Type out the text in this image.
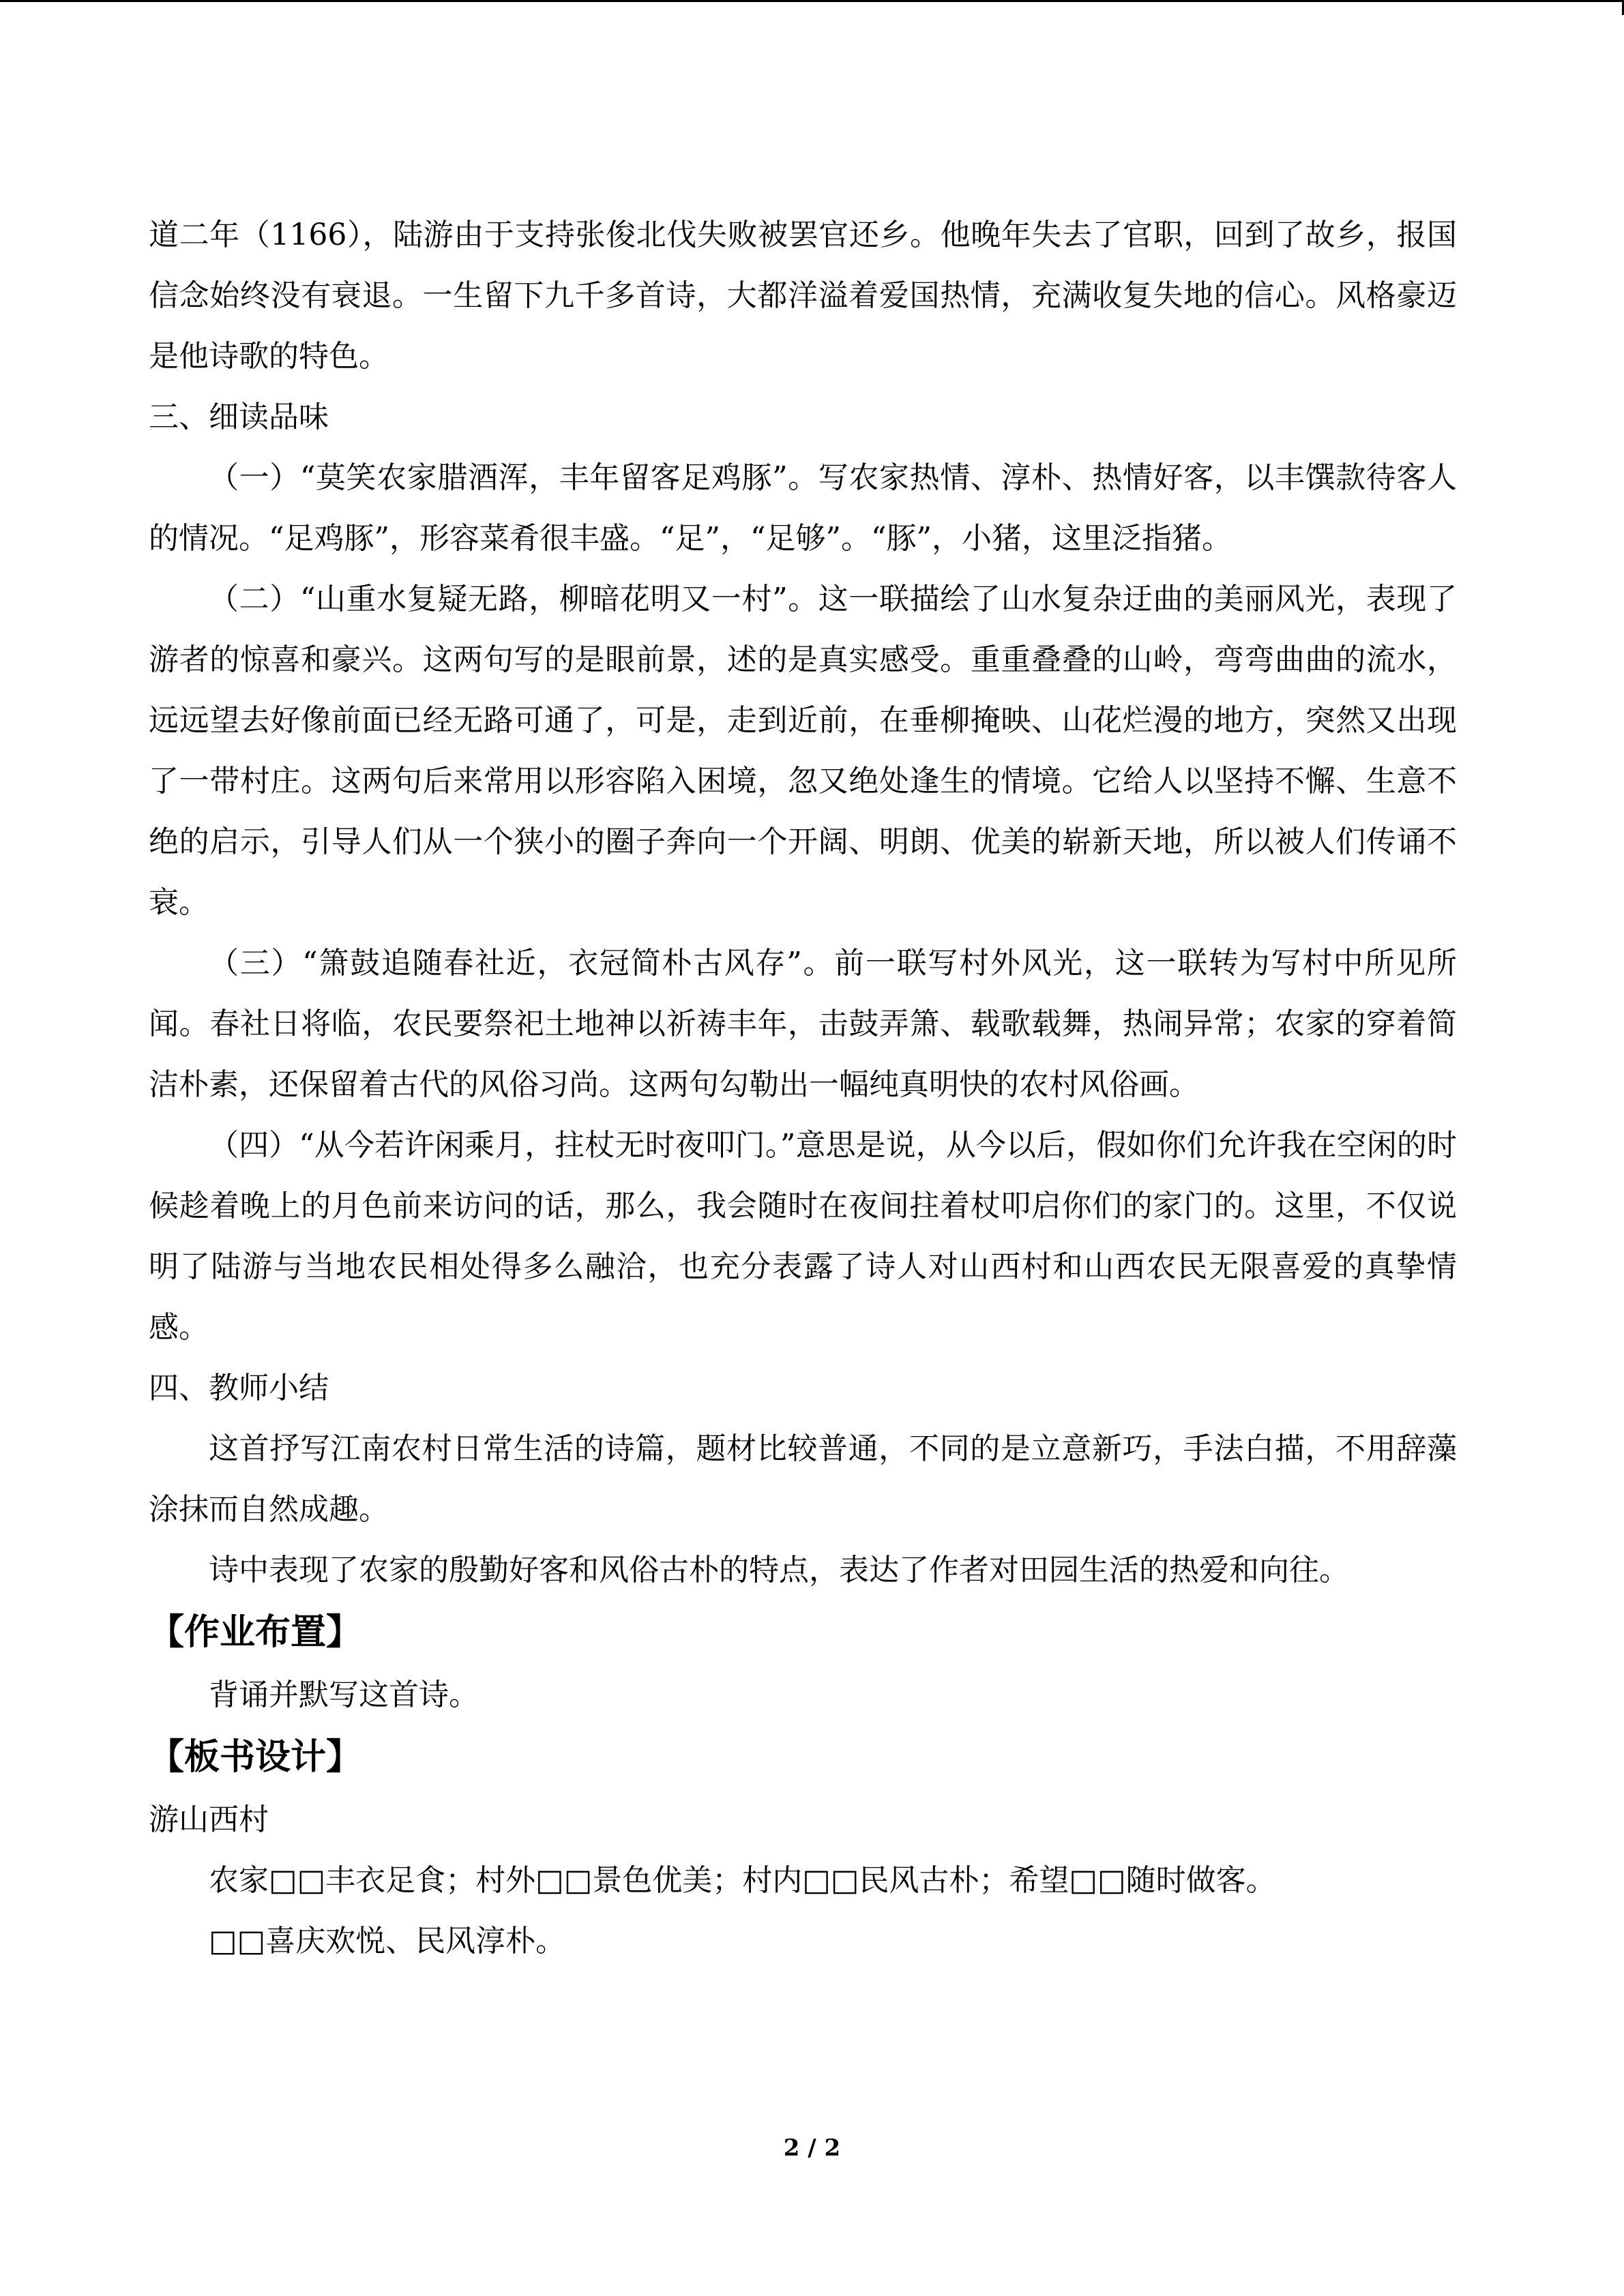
道二年（1166），陆游由于支持张俊北伐失败被罢官还乡。他晚年失去了官职，回到了故乡，报国信念始终没有衰退。一生留下九千多首诗，大都洋溢着爱国热情，充满收复失地的信心。风格豪迈是他诗歌的特色。

三、细读品味

（一）“莫笑农家腊酒浑，丰年留客足鸡豚”。写农家热情、淳朴、热情好客，以丰馔款待客人的情况。“足鸡豚”，形容菜肴很丰盛。“足”，“足够”。“豚”，小猪，这里泛指猪。

（二）“山重水复疑无路，柳暗花明又一村”。这一联描绘了山水复杂迂曲的美丽风光，表现了游者的惊喜和豪兴。这两句写的是眼前景，述的是真实感受。重重叠叠的山岭，弯弯曲曲的流水，远远望去好像前面已经无路可通了，可是，走到近前，在垂柳掩映、山花烂漫的地方，突然又出现了一带村庄。这两句后来常用以形容陷入困境，忽又绝处逢生的情境。它给人以坚持不懈、生意不绝的启示，引导人们从一个狭小的圈子奔向一个开阔、明朗、优美的崭新天地，所以被人们传诵不衰。

（三）“箫鼓追随春社近，衣冠简朴古风存”。前一联写村外风光，这一联转为写村中所见所闻。春社日将临，农民要祭祀土地神以祈祷丰年，击鼓弄箫、载歌载舞，热闹异常；农家的穿着简洁朴素，还保留着古代的风俗习尚。这两句勾勒出一幅纯真明快的农村风俗画。

（四）“从今若许闲乘月，拄杖无时夜叩门。”意思是说，从今以后，假如你们允许我在空闲的时候趁着晚上的月色前来访问的话，那么，我会随时在夜间拄着杖叩启你们的家门的。这里，不仅说明了陆游与当地农民相处得多么融洽，也充分表露了诗人对山西村和山西农民无限喜爱的真挚情感。

四、教师小结

这首抒写江南农村日常生活的诗篇，题材比较普通，不同的是立意新巧，手法白描，不用辞藻涂抹而自然成趣。

诗中表现了农家的殷勤好客和风俗古朴的特点，表达了作者对田园生活的热爱和向往。

【作业布置】

背诵并默写这首诗。

【板书设计】

游山西村

农家□□丰衣足食；村外□□景色优美；村内□□民风古朴；希望□□随时做客。

□□喜庆欢悦、民风淳朴。

2 / 2
